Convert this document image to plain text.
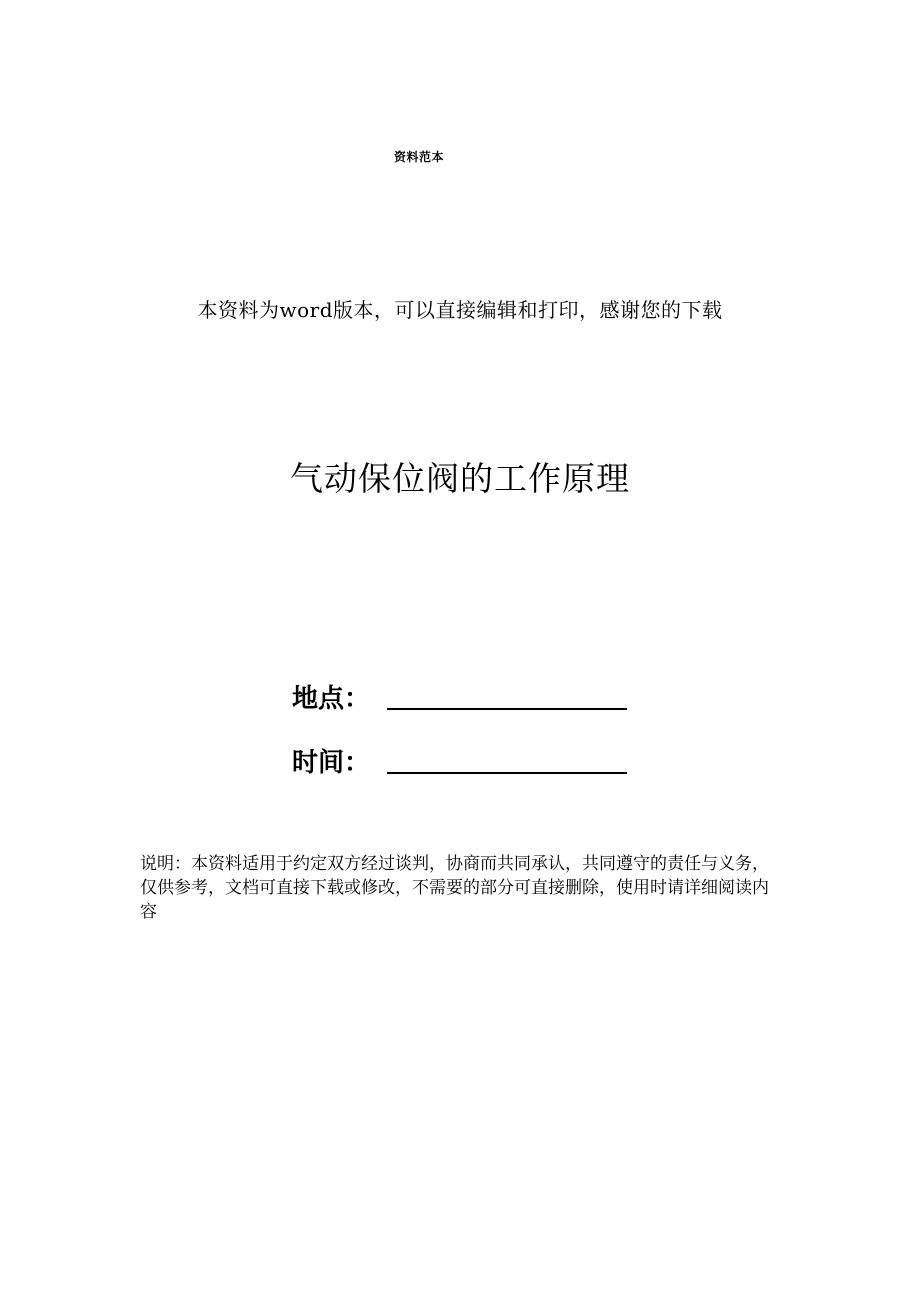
资料范本
本资料为word版本，可以直接编辑和打印，感谢您的下载
气动保位阀的工作原理
地点：
时间：
说明：本资料适用于约定双方经过谈判，协商而共同承认，共同遵守的责任与义务，仅供参考，文档可直接下载或修改，不需要的部分可直接删除，使用时请详细阅读内容
